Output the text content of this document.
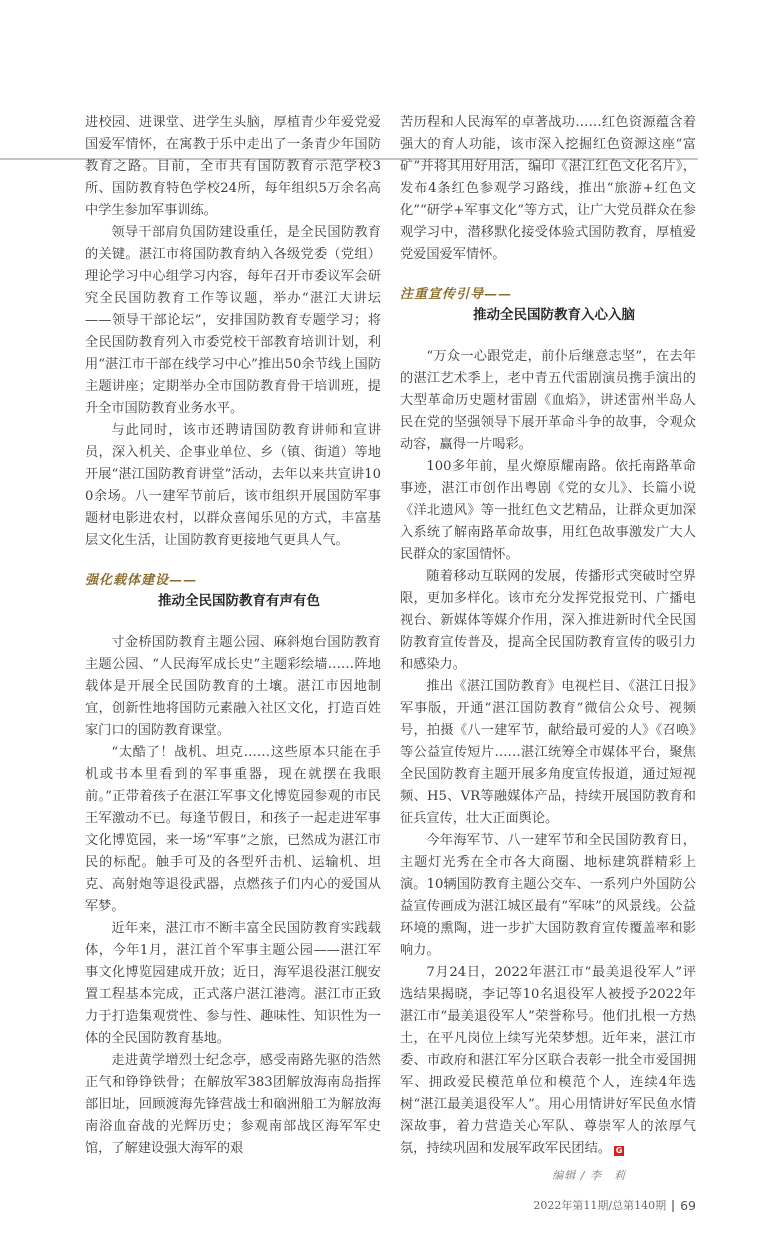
进校园、进课堂、进学生头脑，厚植青少年爱党爱国爱军情怀，在寓教于乐中走出了一条青少年国防教育之路。目前，全市共有国防教育示范学校3所、国防教育特色学校24所，每年组织5万余名高中学生参加军事训练。

领导干部肩负国防建设重任，是全民国防教育的关键。湛江市将国防教育纳入各级党委（党组）理论学习中心组学习内容，每年召开市委议军会研究全民国防教育工作等议题，举办“湛江大讲坛——领导干部论坛”，安排国防教育专题学习；将全民国防教育列入市委党校干部教育培训计划，利用“湛江市干部在线学习中心”推出50余节线上国防主题讲座；定期举办全市国防教育骨干培训班，提升全市国防教育业务水平。

与此同时，该市还聘请国防教育讲师和宣讲员，深入机关、企事业单位、乡（镇、街道）等地开展“湛江国防教育讲堂”活动，去年以来共宣讲100余场。八一建军节前后，该市组织开展国防军事题材电影进农村，以群众喜闻乐见的方式，丰富基层文化生活，让国防教育更接地气更具人气。

强化载体建设——
推动全民国防教育有声有色

寸金桥国防教育主题公园、麻斜炮台国防教育主题公园、“人民海军成长史”主题彩绘墙……阵地载体是开展全民国防教育的土壤。湛江市因地制宜，创新性地将国防元素融入社区文化，打造百姓家门口的国防教育课堂。

“太酷了！战机、坦克……这些原本只能在手机或书本里看到的军事重器，现在就摆在我眼前。”正带着孩子在湛江军事文化博览园参观的市民王军激动不已。每逢节假日，和孩子一起走进军事文化博览园，来一场“军事”之旅，已然成为湛江市民的标配。触手可及的各型歼击机、运输机、坦克、高射炮等退役武器，点燃孩子们内心的爱国从军梦。

近年来，湛江市不断丰富全民国防教育实践载体，今年1月，湛江首个军事主题公园——湛江军事文化博览园建成开放；近日，海军退役湛江舰安置工程基本完成，正式落户湛江港湾。湛江市正致力于打造集观赏性、参与性、趣味性、知识性为一体的全民国防教育基地。

走进黄学增烈士纪念亭，感受南路先驱的浩然正气和铮铮铁骨；在解放军383团解放海南岛指挥部旧址，回顾渡海先锋营战士和硇洲船工为解放海南浴血奋战的光辉历史；参观南部战区海军军史馆，了解建设强大海军的艰

苦历程和人民海军的卓著战功……红色资源蕴含着强大的育人功能，该市深入挖掘红色资源这座“富矿”并将其用好用活，编印《湛江红色文化名片》，发布4条红色参观学习路线，推出“旅游+红色文化”“研学+军事文化”等方式，让广大党员群众在参观学习中，潜移默化接受体验式国防教育，厚植爱党爱国爱军情怀。

注重宣传引导——
推动全民国防教育入心入脑

“万众一心跟党走，前仆后继意志坚”，在去年的湛江艺术季上，老中青五代雷剧演员携手演出的大型革命历史题材雷剧《血焰》，讲述雷州半岛人民在党的坚强领导下展开革命斗争的故事，令观众动容，赢得一片喝彩。

100多年前，星火燎原耀南路。依托南路革命事迹，湛江市创作出粤剧《党的女儿》、长篇小说《洋北遗风》等一批红色文艺精品，让群众更加深入系统了解南路革命故事，用红色故事激发广大人民群众的家国情怀。

随着移动互联网的发展，传播形式突破时空界限，更加多样化。该市充分发挥党报党刊、广播电视台、新媒体等媒介作用，深入推进新时代全民国防教育宣传普及，提高全民国防教育宣传的吸引力和感染力。

推出《湛江国防教育》电视栏目、《湛江日报》军事版，开通“湛江国防教育”微信公众号、视频号，拍摄《八一建军节，献给最可爱的人》《召唤》等公益宣传短片……湛江统筹全市媒体平台，聚焦全民国防教育主题开展多角度宣传报道，通过短视频、H5、VR等融媒体产品，持续开展国防教育和征兵宣传，壮大正面舆论。

今年海军节、八一建军节和全民国防教育日，主题灯光秀在全市各大商圈、地标建筑群精彩上演。10辆国防教育主题公交车、一系列户外国防公益宣传画成为湛江城区最有“军味”的风景线。公益环境的熏陶，进一步扩大国防教育宣传覆盖率和影响力。

7月24日，2022年湛江市“最美退役军人”评选结果揭晓，李记等10名退役军人被授予2022年湛江市“最美退役军人”荣誉称号。他们扎根一方热土，在平凡岗位上续写光荣梦想。近年来，湛江市委、市政府和湛江军分区联合表彰一批全市爱国拥军、拥政爱民模范单位和模范个人，连续4年选树“湛江最美退役军人”。用心用情讲好军民鱼水情深故事，着力营造关心军队、尊崇军人的浓厚气氛，持续巩固和发展军政军民团结。 G

编辑 / 李　莉
2022年第11期/总第140期 69
